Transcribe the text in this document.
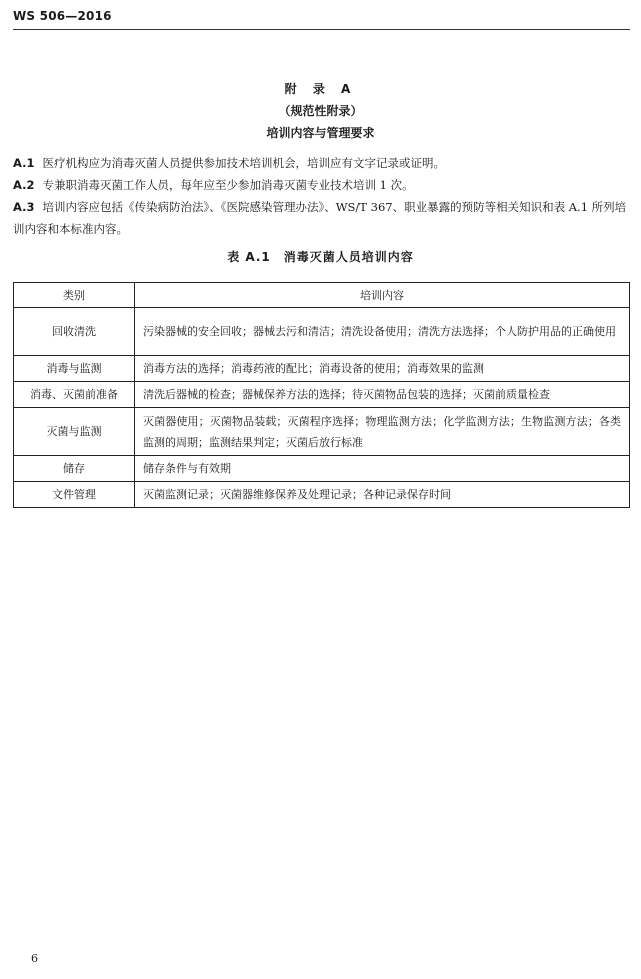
WS 506—2016
附 录 A
（规范性附录）
培训内容与管理要求
A.1 医疗机构应为消毒灭菌人员提供参加技术培训机会，培训应有文字记录或证明。
A.2 专兼职消毒灭菌工作人员，每年应至少参加消毒灭菌专业技术培训 1 次。
A.3 培训内容应包括《传染病防治法》、《医院感染管理办法》、WS/T 367、职业暴露的预防等相关知识和表 A.1 所列培训内容和本标准内容。
表 A.1　消毒灭菌人员培训内容
类别	培训内容
回收清洗	污染器械的安全回收；器械去污和清洁；清洗设备使用；清洗方法选择；个人防护用品的正确使用
消毒与监测	消毒方法的选择；消毒药液的配比；消毒设备的使用；消毒效果的监测
消毒、灭菌前准备	清洗后器械的检查；器械保养方法的选择；待灭菌物品包装的选择；灭菌前质量检查
灭菌与监测	灭菌器使用；灭菌物品装载；灭菌程序选择；物理监测方法；化学监测方法；生物监测方法；各类监测的周期；监测结果判定；灭菌后放行标准
储存	储存条件与有效期
文件管理	灭菌监测记录；灭菌器维修保养及处理记录；各种记录保存时间
6
